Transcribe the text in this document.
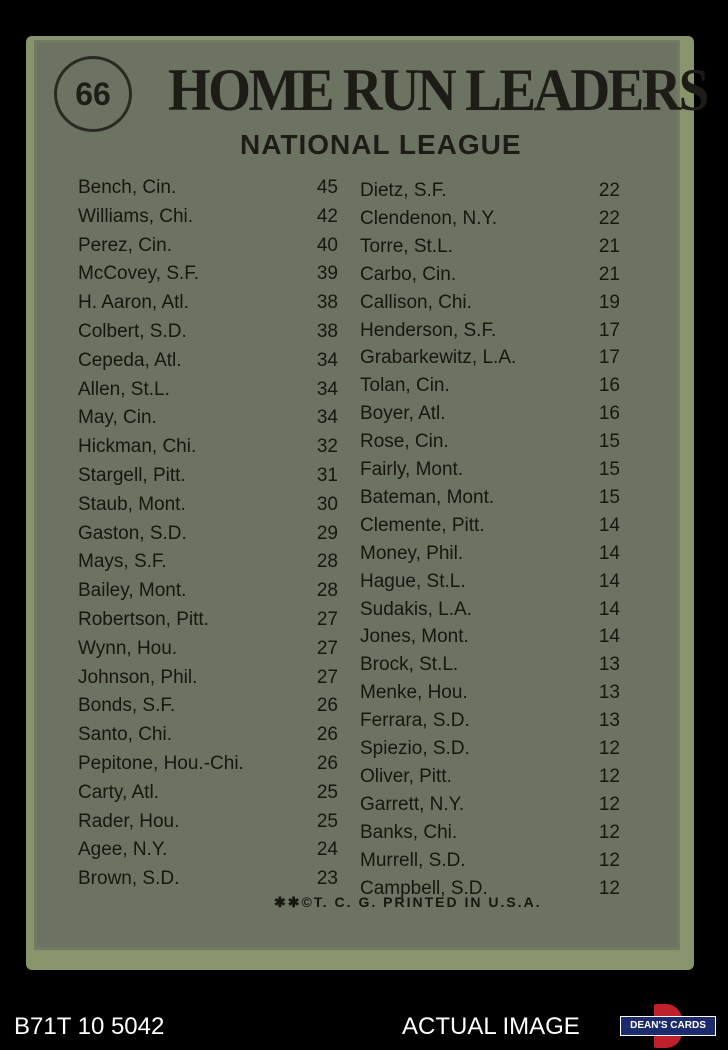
66 HOME RUN LEADERS
NATIONAL LEAGUE
Bench, Cin.	45
Williams, Chi.	42
Perez, Cin.	40
McCovey, S.F.	39
H. Aaron, Atl.	38
Colbert, S.D.	38
Cepeda, Atl.	34
Allen, St.L.	34
May, Cin.	34
Hickman, Chi.	32
Stargell, Pitt.	31
Staub, Mont.	30
Gaston, S.D.	29
Mays, S.F.	28
Bailey, Mont.	28
Robertson, Pitt.	27
Wynn, Hou.	27
Johnson, Phil.	27
Bonds, S.F.	26
Santo, Chi.	26
Pepitone, Hou.-Chi.	26
Carty, Atl.	25
Rader, Hou.	25
Agee, N.Y.	24
Brown, S.D.	23
Dietz, S.F.	22
Clendenon, N.Y.	22
Torre, St.L.	21
Carbo, Cin.	21
Callison, Chi.	19
Henderson, S.F.	17
Grabarkewitz, L.A.	17
Tolan, Cin.	16
Boyer, Atl.	16
Rose, Cin.	15
Fairly, Mont.	15
Bateman, Mont.	15
Clemente, Pitt.	14
Money, Phil.	14
Hague, St.L.	14
Sudakis, L.A.	14
Jones, Mont.	14
Brock, St.L.	13
Menke, Hou.	13
Ferrara, S.D.	13
Spiezio, S.D.	12
Oliver, Pitt.	12
Garrett, N.Y.	12
Banks, Chi.	12
Murrell, S.D.	12
Campbell, S.D.	12
✱✱©T. C. G. PRINTED IN U.S.A.
B71T 10 5042	ACTUAL IMAGE	DEAN'S CARDS
